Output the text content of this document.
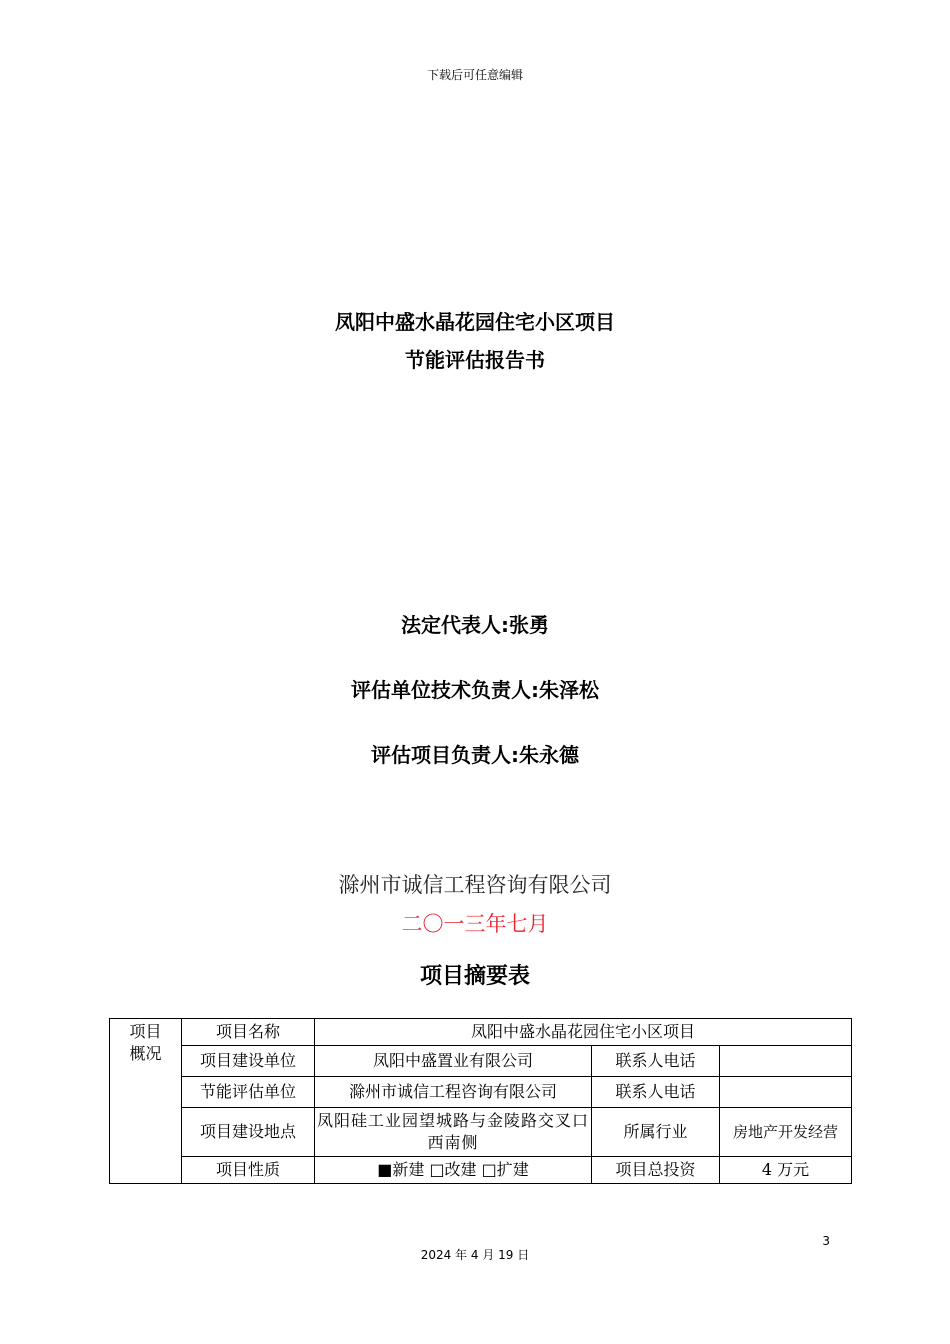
下载后可任意编辑
凤阳中盛水晶花园住宅小区项目
节能评估报告书
法定代表人:张勇
评估单位技术负责人:朱泽松
评估项目负责人:朱永德
滁州市诚信工程咨询有限公司
二〇一三年七月
项目摘要表
项目概况	项目名称	凤阳中盛水晶花园住宅小区项目		
	项目建设单位	凤阳中盛置业有限公司	联系人电话	
	节能评估单位	滁州市诚信工程咨询有限公司	联系人电话	
	项目建设地点	凤阳硅工业园望城路与金陵路交叉口西南侧	所属行业	房地产开发经营
	项目性质	■新建 □改建 □扩建	项目总投资	4 万元
3
2024 年 4 月 19 日
